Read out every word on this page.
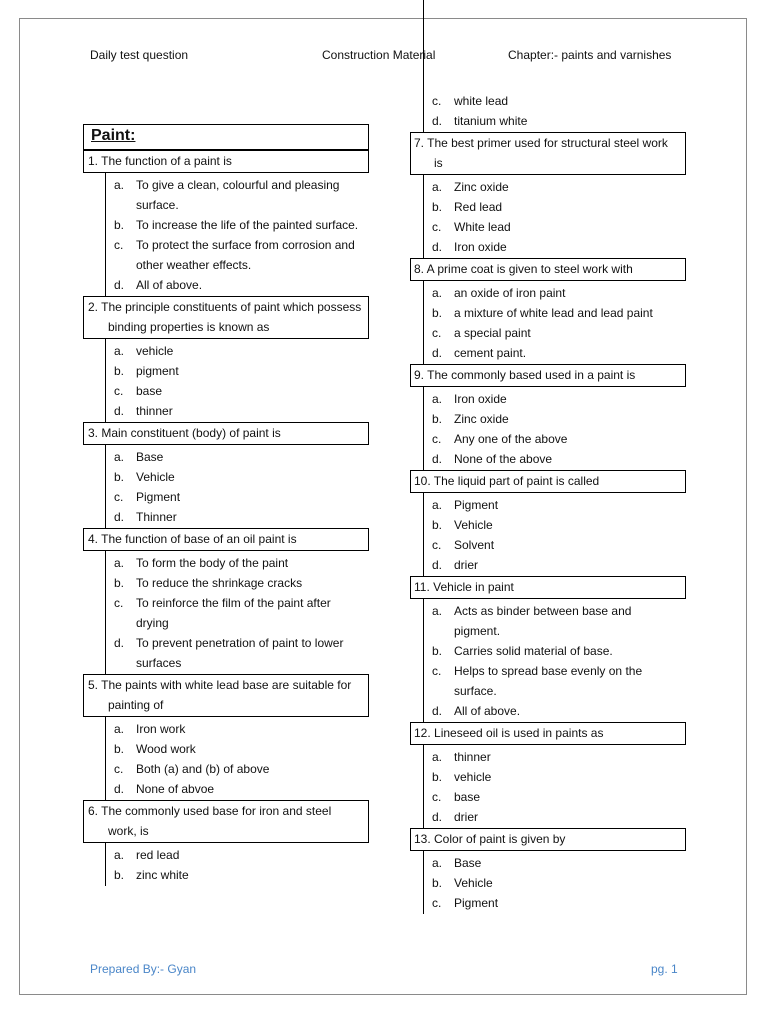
Daily test question	Construction Material	Chapter:- paints and varnishes
Paint:
1. The function of a paint is
a. To give a clean, colourful and pleasing surface.
b. To increase the life of the painted surface.
c. To protect the surface from corrosion and other weather effects.
d. All of above.
2. The principle constituents of paint which possess binding properties is known as
a. vehicle
b. pigment
c. base
d. thinner
3. Main constituent (body) of paint is
a. Base
b. Vehicle
c. Pigment
d. Thinner
4. The function of base of an oil paint is
a. To form the body of the paint
b. To reduce the shrinkage cracks
c. To reinforce the film of the paint after drying
d. To prevent penetration of paint to lower surfaces
5. The paints with white lead base are suitable for painting of
a. Iron work
b. Wood work
c. Both (a) and (b) of above
d. None of abvoe
6. The commonly used base for iron and steel work, is
a. red lead
b. zinc white
c. white lead
d. titanium white
7. The best primer used for structural steel work is
a. Zinc oxide
b. Red lead
c. White lead
d. Iron oxide
8. A prime coat is given to steel work with
a. an oxide of iron paint
b. a mixture of white lead and lead paint
c. a special paint
d. cement paint.
9. The commonly based used in a paint is
a. Iron oxide
b. Zinc oxide
c. Any one of the above
d. None of the above
10. The liquid part of paint is called
a. Pigment
b. Vehicle
c. Solvent
d. drier
11. Vehicle in paint
a. Acts as binder between base and pigment.
b. Carries solid material of base.
c. Helps to spread base evenly on the surface.
d. All of above.
12. Lineseed oil is used in paints as
a. thinner
b. vehicle
c. base
d. drier
13. Color of paint is given by
a. Base
b. Vehicle
c. Pigment
Prepared By:- Gyan	pg. 1
